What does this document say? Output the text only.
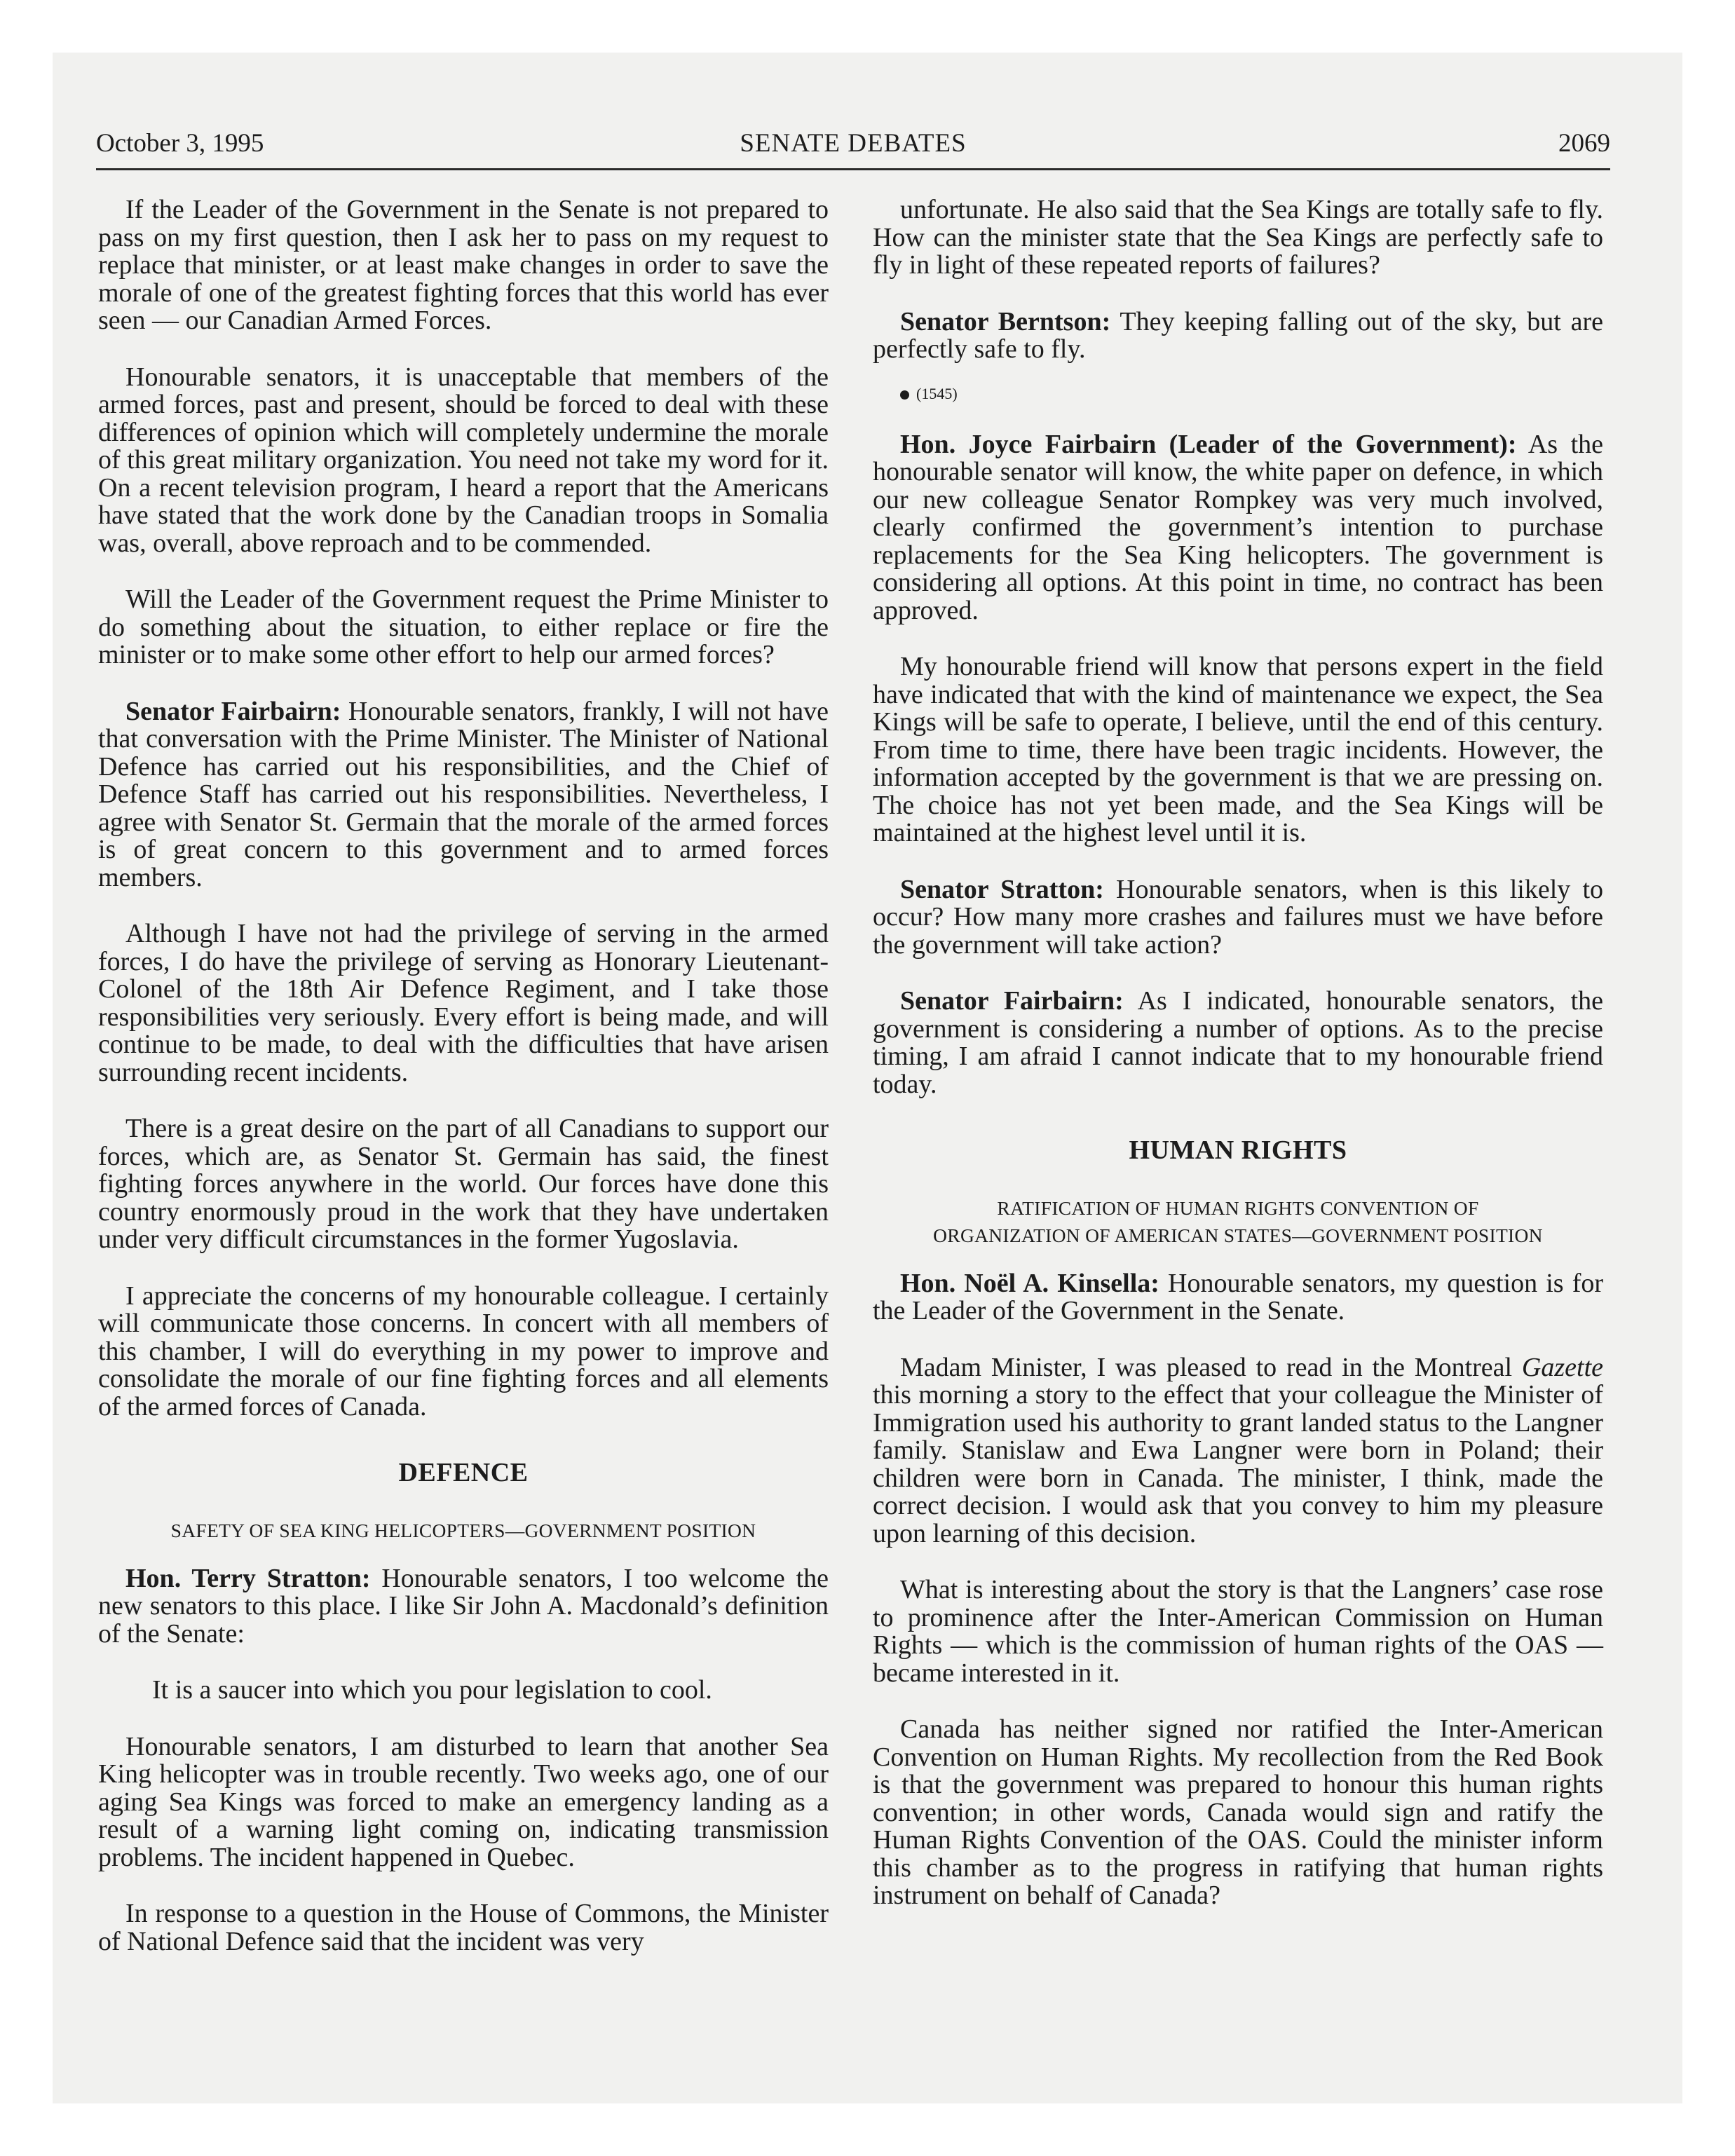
October 3, 1995	SENATE DEBATES	2069

If the Leader of the Government in the Senate is not prepared to pass on my first question, then I ask her to pass on my request to replace that minister, or at least make changes in order to save the morale of one of the greatest fighting forces that this world has ever seen — our Canadian Armed Forces.

Honourable senators, it is unacceptable that members of the armed forces, past and present, should be forced to deal with these differences of opinion which will completely undermine the morale of this great military organization. You need not take my word for it. On a recent television program, I heard a report that the Americans have stated that the work done by the Canadian troops in Somalia was, overall, above reproach and to be commended.

Will the Leader of the Government request the Prime Minister to do something about the situation, to either replace or fire the minister or to make some other effort to help our armed forces?

Senator Fairbairn: Honourable senators, frankly, I will not have that conversation with the Prime Minister. The Minister of National Defence has carried out his responsibilities, and the Chief of Defence Staff has carried out his responsibilities. Nevertheless, I agree with Senator St. Germain that the morale of the armed forces is of great concern to this government and to armed forces members.

Although I have not had the privilege of serving in the armed forces, I do have the privilege of serving as Honorary Lieutenant-Colonel of the 18th Air Defence Regiment, and I take those responsibilities very seriously. Every effort is being made, and will continue to be made, to deal with the difficulties that have arisen surrounding recent incidents.

There is a great desire on the part of all Canadians to support our forces, which are, as Senator St. Germain has said, the finest fighting forces anywhere in the world. Our forces have done this country enormously proud in the work that they have undertaken under very difficult circumstances in the former Yugoslavia.

I appreciate the concerns of my honourable colleague. I certainly will communicate those concerns. In concert with all members of this chamber, I will do everything in my power to improve and consolidate the morale of our fine fighting forces and all elements of the armed forces of Canada.

DEFENCE
SAFETY OF SEA KING HELICOPTERS—GOVERNMENT POSITION

Hon. Terry Stratton: Honourable senators, I too welcome the new senators to this place. I like Sir John A. Macdonald’s definition of the Senate:

It is a saucer into which you pour legislation to cool.

Honourable senators, I am disturbed to learn that another Sea King helicopter was in trouble recently. Two weeks ago, one of our aging Sea Kings was forced to make an emergency landing as a result of a warning light coming on, indicating transmission problems. The incident happened in Quebec.

In response to a question in the House of Commons, the Minister of National Defence said that the incident was very

unfortunate. He also said that the Sea Kings are totally safe to fly. How can the minister state that the Sea Kings are perfectly safe to fly in light of these repeated reports of failures?

Senator Berntson: They keeping falling out of the sky, but are perfectly safe to fly.

(1545)

Hon. Joyce Fairbairn (Leader of the Government): As the honourable senator will know, the white paper on defence, in which our new colleague Senator Rompkey was very much involved, clearly confirmed the government’s intention to purchase replacements for the Sea King helicopters. The government is considering all options. At this point in time, no contract has been approved.

My honourable friend will know that persons expert in the field have indicated that with the kind of maintenance we expect, the Sea Kings will be safe to operate, I believe, until the end of this century. From time to time, there have been tragic incidents. However, the information accepted by the government is that we are pressing on. The choice has not yet been made, and the Sea Kings will be maintained at the highest level until it is.

Senator Stratton: Honourable senators, when is this likely to occur? How many more crashes and failures must we have before the government will take action?

Senator Fairbairn: As I indicated, honourable senators, the government is considering a number of options. As to the precise timing, I am afraid I cannot indicate that to my honourable friend today.

HUMAN RIGHTS
RATIFICATION OF HUMAN RIGHTS CONVENTION OF
ORGANIZATION OF AMERICAN STATES—GOVERNMENT POSITION

Hon. Noël A. Kinsella: Honourable senators, my question is for the Leader of the Government in the Senate.

Madam Minister, I was pleased to read in the Montreal Gazette this morning a story to the effect that your colleague the Minister of Immigration used his authority to grant landed status to the Langner family. Stanislaw and Ewa Langner were born in Poland; their children were born in Canada. The minister, I think, made the correct decision. I would ask that you convey to him my pleasure upon learning of this decision.

What is interesting about the story is that the Langners’ case rose to prominence after the Inter-American Commission on Human Rights — which is the commission of human rights of the OAS — became interested in it.

Canada has neither signed nor ratified the Inter-American Convention on Human Rights. My recollection from the Red Book is that the government was prepared to honour this human rights convention; in other words, Canada would sign and ratify the Human Rights Convention of the OAS. Could the minister inform this chamber as to the progress in ratifying that human rights instrument on behalf of Canada?
